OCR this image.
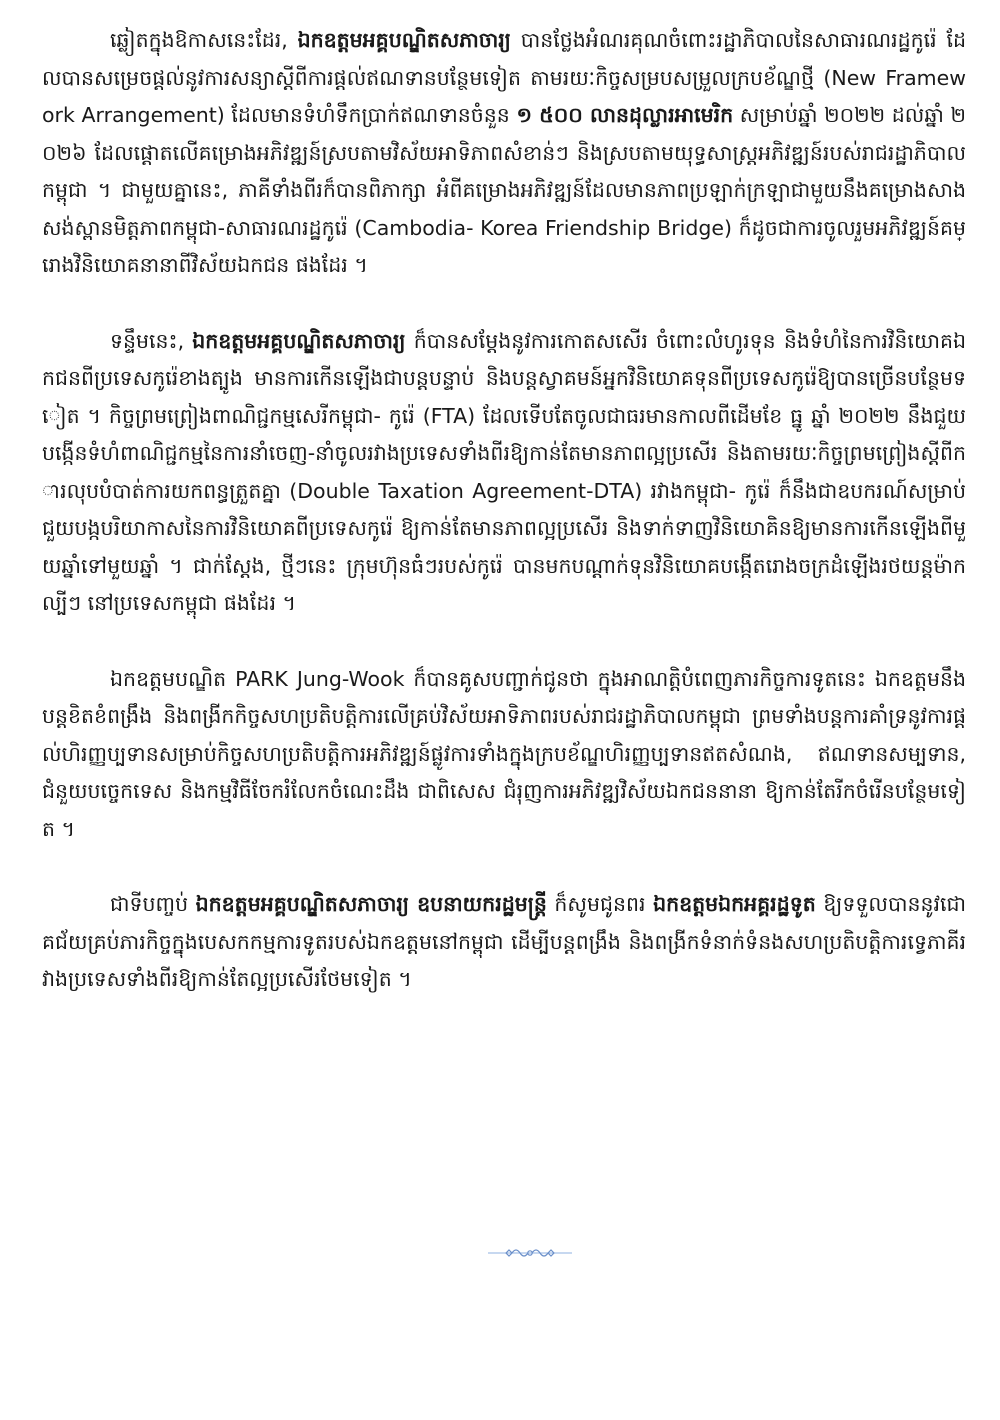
ឆ្លៀតក្នុងឱកាសនេះដែរ, ឯកឧត្តមអគ្គបណ្ឌិតសភាចារ្យ បានថ្លែងអំណរគុណចំពោះរដ្ឋាភិបាលនៃសាធារណរដ្ឋកូរ៉េ ដែលបានសម្រេចផ្ដល់នូវការសន្យាស្តីពីការផ្ដល់ឥណទានបន្ថែមទៀត តាមរយៈកិច្ចសម្របសម្រួលក្របខ័ណ្ឌថ្មី (New Framework Arrangement) ដែលមានទំហំទឹកប្រាក់ឥណទានចំនួន ១ ៥០០ លានដុល្លារអាមេរិក សម្រាប់ឆ្នាំ ២០២២ ដល់ឆ្នាំ ២០២៦ ដែលផ្ដោតលើគម្រោងអភិវឌ្ឍន៍ស្របតាមវិស័យអាទិភាពសំខាន់ៗ និងស្របតាមយុទ្ធសាស្ត្រអភិវឌ្ឍន៍របស់រាជរដ្ឋាភិបាលកម្ពុជា ។ ជាមួយគ្នានេះ, ភាគីទាំងពីរក៏បានពិភាក្សា អំពីគម្រោងអភិវឌ្ឍន៍ដែលមានភាពប្រឡាក់ក្រឡាជាមួយនឹងគម្រោងសាងសង់ស្ពានមិត្តភាពកម្ពុជា-សាធារណរដ្ឋកូរ៉េ (Cambodia- Korea Friendship Bridge) ក៏ដូចជាការចូលរួមអភិវឌ្ឍន៍គម្រោងវិនិយោគនានាពីវិស័យឯកជន ផងដែរ ។

ទន្ទឹមនេះ, ឯកឧត្តមអគ្គបណ្ឌិតសភាចារ្យ ក៏បានសម្ដែងនូវការកោតសសើរ ចំពោះលំហូរទុន និងទំហំនៃការវិនិយោគឯកជនពីប្រទេសកូរ៉េខាងត្បូង មានការកើនឡើងជាបន្តបន្ទាប់ និងបន្តស្វាគមន៍អ្នកវិនិយោគទុនពីប្រទេសកូរ៉េឱ្យបានច្រើនបន្ថែមទៀត ។ កិច្ចព្រមព្រៀងពាណិជ្ជកម្មសេរីកម្ពុជា- កូរ៉េ (FTA) ដែលទើបតែចូលជាធរមានកាលពីដើមខែ ធ្នូ ឆ្នាំ ២០២២ នឹងជួយបង្កើនទំហំពាណិជ្ជកម្មនៃការនាំចេញ-នាំចូលរវាងប្រទេសទាំងពីរឱ្យកាន់តែមានភាពល្អប្រសើរ និងតាមរយៈកិច្ចព្រមព្រៀងស្តីពីការលុបបំបាត់ការយកពន្ធត្រួតគ្នា (Double Taxation Agreement-DTA) រវាងកម្ពុជា- កូរ៉េ ក៏នឹងជាឧបករណ៍សម្រាប់ជួយបង្កបរិយាកាសនៃការវិនិយោគពីប្រទេសកូរ៉េ ឱ្យកាន់តែមានភាពល្អប្រសើរ និងទាក់ទាញវិនិយោគិនឱ្យមានការកើនឡើងពីមួយឆ្នាំទៅមួយឆ្នាំ ។ ជាក់ស្ដែង, ថ្មីៗនេះ ក្រុមហ៊ុនធំៗរបស់កូរ៉េ បានមកបណ្ដាក់ទុនវិនិយោគបង្កើតរោងចក្រដំឡើងរថយន្តម៉ាកល្បីៗ នៅប្រទេសកម្ពុជា ផងដែរ ។

ឯកឧត្តមបណ្ឌិត PARK Jung-Wook ក៏បានគូសបញ្ជាក់ជូនថា ក្នុងអាណត្តិបំពេញភារកិច្ចការទូតនេះ ឯកឧត្តមនឹងបន្តខិតខំពង្រឹង និងពង្រីកកិច្ចសហប្រតិបត្តិការលើគ្រប់វិស័យអាទិភាពរបស់រាជរដ្ឋាភិបាលកម្ពុជា ព្រមទាំងបន្តការគាំទ្រនូវការផ្ដល់ហិរញ្ញប្បទានសម្រាប់កិច្ចសហប្រតិបត្តិការអភិវឌ្ឍន៍ផ្លូវការទាំងក្នុងក្របខ័ណ្ឌហិរញ្ញប្បទានឥតសំណង, ឥណទានសម្បទាន, ជំនួយបច្ចេកទេស និងកម្មវិធីចែករំលែកចំណេះដឹង ជាពិសេស ជំរុញការអភិវឌ្ឍវិស័យឯកជននានា ឱ្យកាន់តែរីកចំរើនបន្ថែមទៀត ។

ជាទីបញ្ចប់ ឯកឧត្តមអគ្គបណ្ឌិតសភាចារ្យ ឧបនាយករដ្ឋមន្ត្រី ក៏សូមជូនពរ ឯកឧត្តមឯកអគ្គរដ្ឋទូត ឱ្យទទួលបាននូវជោគជ័យគ្រប់ភារកិច្ចក្នុងបេសកកម្មការទូតរបស់ឯកឧត្តមនៅកម្ពុជា ដើម្បីបន្តពង្រឹង និងពង្រីកទំនាក់ទំនងសហប្រតិបត្តិការទ្វេភាគីរវាងប្រទេសទាំងពីរឱ្យកាន់តែល្អប្រសើរថែមទៀត ។
